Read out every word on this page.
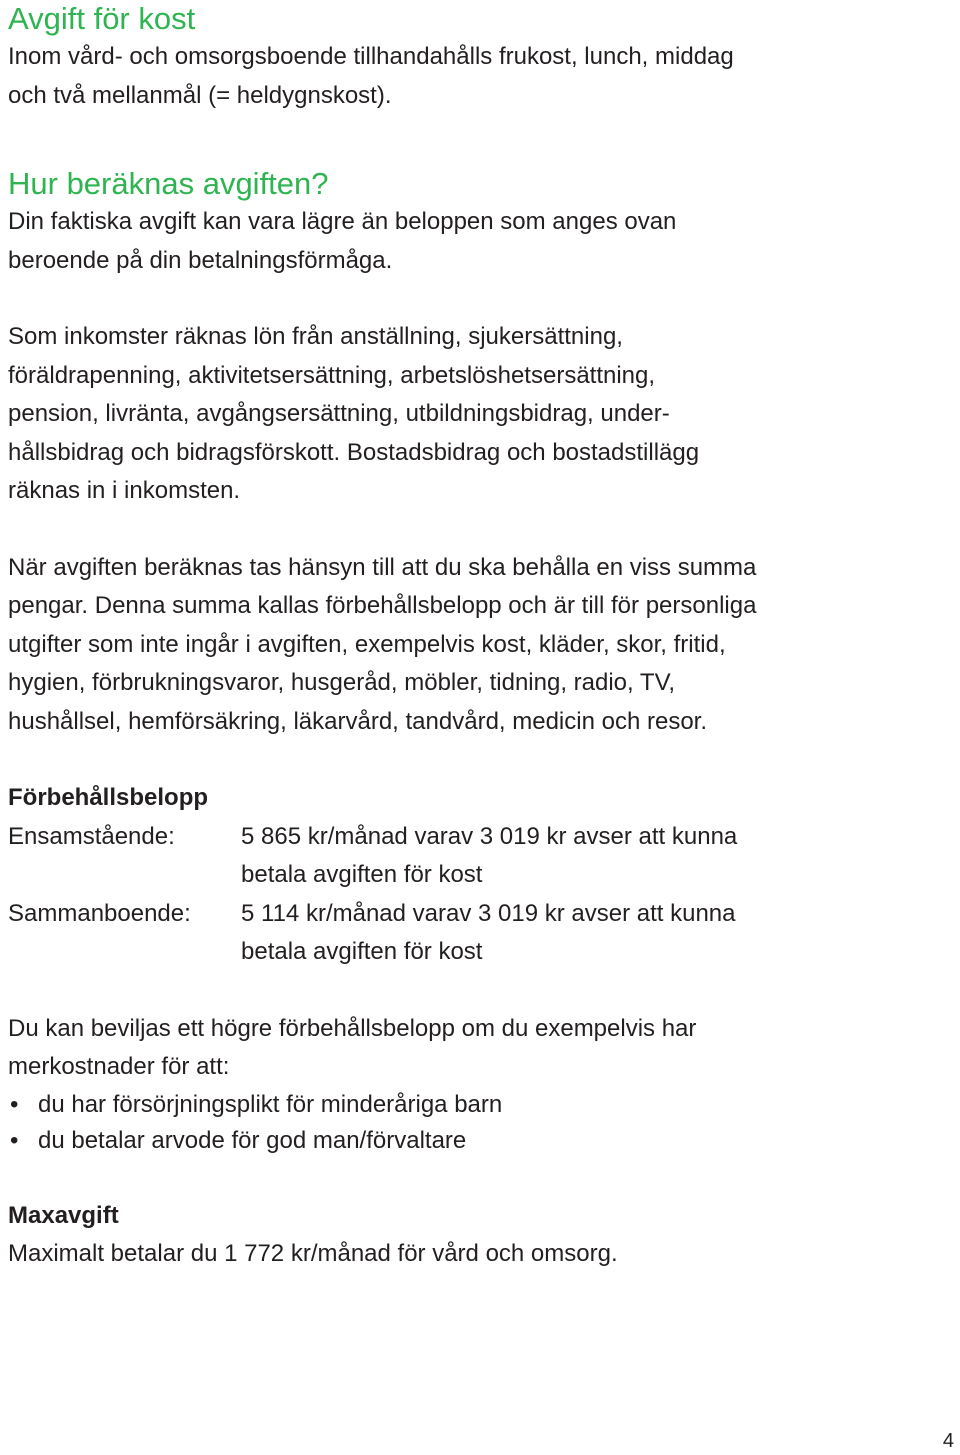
Avgift för kost

Inom vård- och omsorgsboende tillhandahålls frukost, lunch, middag och två mellanmål (= heldygnskost).

Hur beräknas avgiften?

Din faktiska avgift kan vara lägre än beloppen som anges ovan beroende på din betalningsförmåga.

Som inkomster räknas lön från anställning, sjukersättning,

föräldrapenning, aktivitetsersättning, arbetslöshetsersättning,

pension, livränta, avgångsersättning, utbildningsbidrag, under-

hållsbidrag och bidragsförskott. Bostadsbidrag och bostadstillägg

räknas in i inkomsten.

När avgiften beräknas tas hänsyn till att du ska behålla en viss summa pengar. Denna summa kallas förbehållsbelopp och är till för personliga utgifter som inte ingår i avgiften, exempelvis kost, kläder, skor, fritid, hygien, förbrukningsvaror, husgeråd, möbler, tidning, radio, TV, hushållsel, hemförsäkring, läkarvård, tandvård, medicin och resor.

Förbehållsbelopp
Ensamstående:	5 865 kr/månad varav 3 019 kr avser att kunna betala avgiften för kost
Sammanboende:	5 114 kr/månad varav 3 019 kr avser att kunna betala avgiften för kost

Du kan beviljas ett högre förbehållsbelopp om du exempelvis har merkostnader för att:

• du har försörjningsplikt för minderåriga barn
• du betalar arvode för god man/förvaltare
Maxavgift

Maximalt betalar du 1 772 kr/månad för vård och omsorg.

4
